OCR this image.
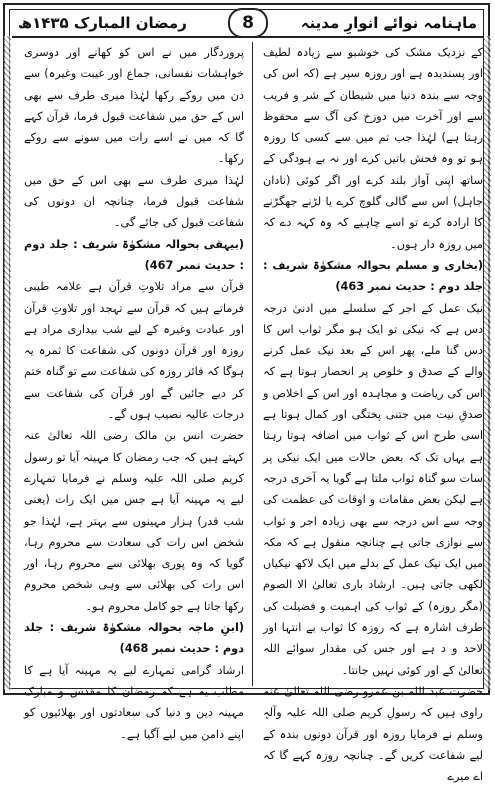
ماہنامہ نوائے انوارِ مدینہ
رمضان المبارک ۱۴۳۵ھ	8

کے نزدیک مشک کی خوشبو سے زیادہ لطیف اور پسندیدہ ہے اور روزہ سپر ہے (کہ اس کی وجہ سے بندہ دنیا میں شیطان کے شر و فریب سے اور آخرت میں دوزخ کی آگ سے محفوظ رہتا ہے) لہٰذا جب تم میں سے کسی کا روزہ ہو تو وہ فحش باتیں کرے اور نہ بے ہودگی کے ساتھ اپنی آواز بلند کرے اور اگر کوئی (نادان جاہل) اس سے گالی گلوچ کرے یا لڑنے جھگڑنے کا ارادہ کرے تو اسے چاہیے کہ وہ کہہ دے کہ میں روزہ دار ہوں۔

(بخاری و مسلم بحوالہ مشکوٰۃ شریف : جلد دوم : حدیث نمبر 463)

نیک عمل کے اجر کے سلسلے میں ادنیٰ درجہ دس ہے کہ نیکی تو ایک ہو مگر ثواب اس کا دس گنا ملے، پھر اس کے بعد نیک عمل کرنے والے کے صدق و خلوص پر انحصار ہوتا ہے کہ اس کی ریاضت و مجاہدہ اور اس کے اخلاص و صدقِ نیت میں جتنی پختگی اور کمال ہوتا ہے اسی طرح اس کے ثواب میں اضافہ ہوتا رہتا ہے یہاں تک کہ بعض حالات میں ایک نیکی پر سات سو گناہ ثواب ملتا ہے گویا یہ آخری درجہ ہے لیکن بعض مقامات و اوقات کی عظمت کی وجہ سے اس درجہ سے بھی زیادہ اجر و ثواب سے نوازی جاتی ہے چنانچہ منقول ہے کہ مکہ میں ایک نیک عمل کے بدلے میں ایک لاکھ نیکیاں لکھی جاتی ہیں۔ ارشاد باری تعالیٰ الا الصوم (مگر روزہ) کے ثواب کی اہمیت و فضیلت کی طرف اشارہ ہے کہ روزہ کا ثواب بے انتہا اور لاحد و د ہے اور جس کی مقدار سوائے اللہ تعالیٰ کے اور کوئی نہیں جانتا۔

حضرت عبد اللہ بن عمرو رضی اللہ تعالیٰ عنہ راوی ہیں کہ رسولِ کریم صلی اللہ علیہ وآلہٖ وسلم نے فرمایا روزہ اور قرآن دونوں بندہ کے لیے شفاعت کریں گے۔ چنانچہ روزہ کہے گا کہ اے میرے

پروردگار میں نے اس کو کھانے اور دوسری خواہشات نفسانی، جماع اور غیبت وغیرہ) سے دن میں روکے رکھا لہٰذا میری طرف سے بھی اس کے حق میں شفاعت قبول فرما، قرآن کہے گا کہ میں نے اسے رات میں سونے سے روکے رکھا۔

لہٰذا میری طرف سے بھی اس کے حق میں شفاعت قبول فرما، چنانچہ ان دونوں کی شفاعت قبول کی جائے گی۔

(بیہقی بحوالہ مشکوٰۃ شریف : جلد دوم : حدیث نمبر 467)

قرآن سے مراد تلاوتِ قرآن ہے علامہ طیبی فرماتے ہیں کہ قرآن سے تہجد اور تلاوتِ قرآن اور عبادت وغیرہ کے لیے شب بیداری مراد ہے روزہ اور قرآن دونوں کی شفاعت کا ثمرہ یہ ہوگا کہ فائز روزہ کی شفاعت سے تو گناہ ختم کر دیے جائیں گے اور قرآن کی شفاعت سے درجات عالیہ نصیب ہوں گے۔

حضرت انس بن مالک رضی اللہ تعالیٰ عنہ کہتے ہیں کہ جب رمضان کا مہینہ آیا تو رسول کریم صلی اللہ علیہ وسلم نے فرمایا تمہارے لیے یہ مہینہ آیا ہے جس میں ایک رات (یعنی شب قدر) ہزار مہینوں سے بہتر ہے، لہٰذا جو شخص اس رات کی سعادت سے محروم رہا، گویا کہ وہ پوری بھلائی سے محروم رہا، اور اس رات کی بھلائی سے وہی شخص محروم رکھا جاتا ہے جو کامل محروم ہو۔

(ابنِ ماجہ بحوالہ مشکوٰۃ شریف : جلد دوم : حدیث نمبر 468)

ارشاد گرامی تمہارے لیے یہ مہینہ آیا ہے کا مطلب یہ ہے کہ رمضان کا مقدس و مبارک مہینہ دین و دنیا کی سعادتوں اور بھلائیوں کو اپنے دامن میں لیے آگیا ہے۔
